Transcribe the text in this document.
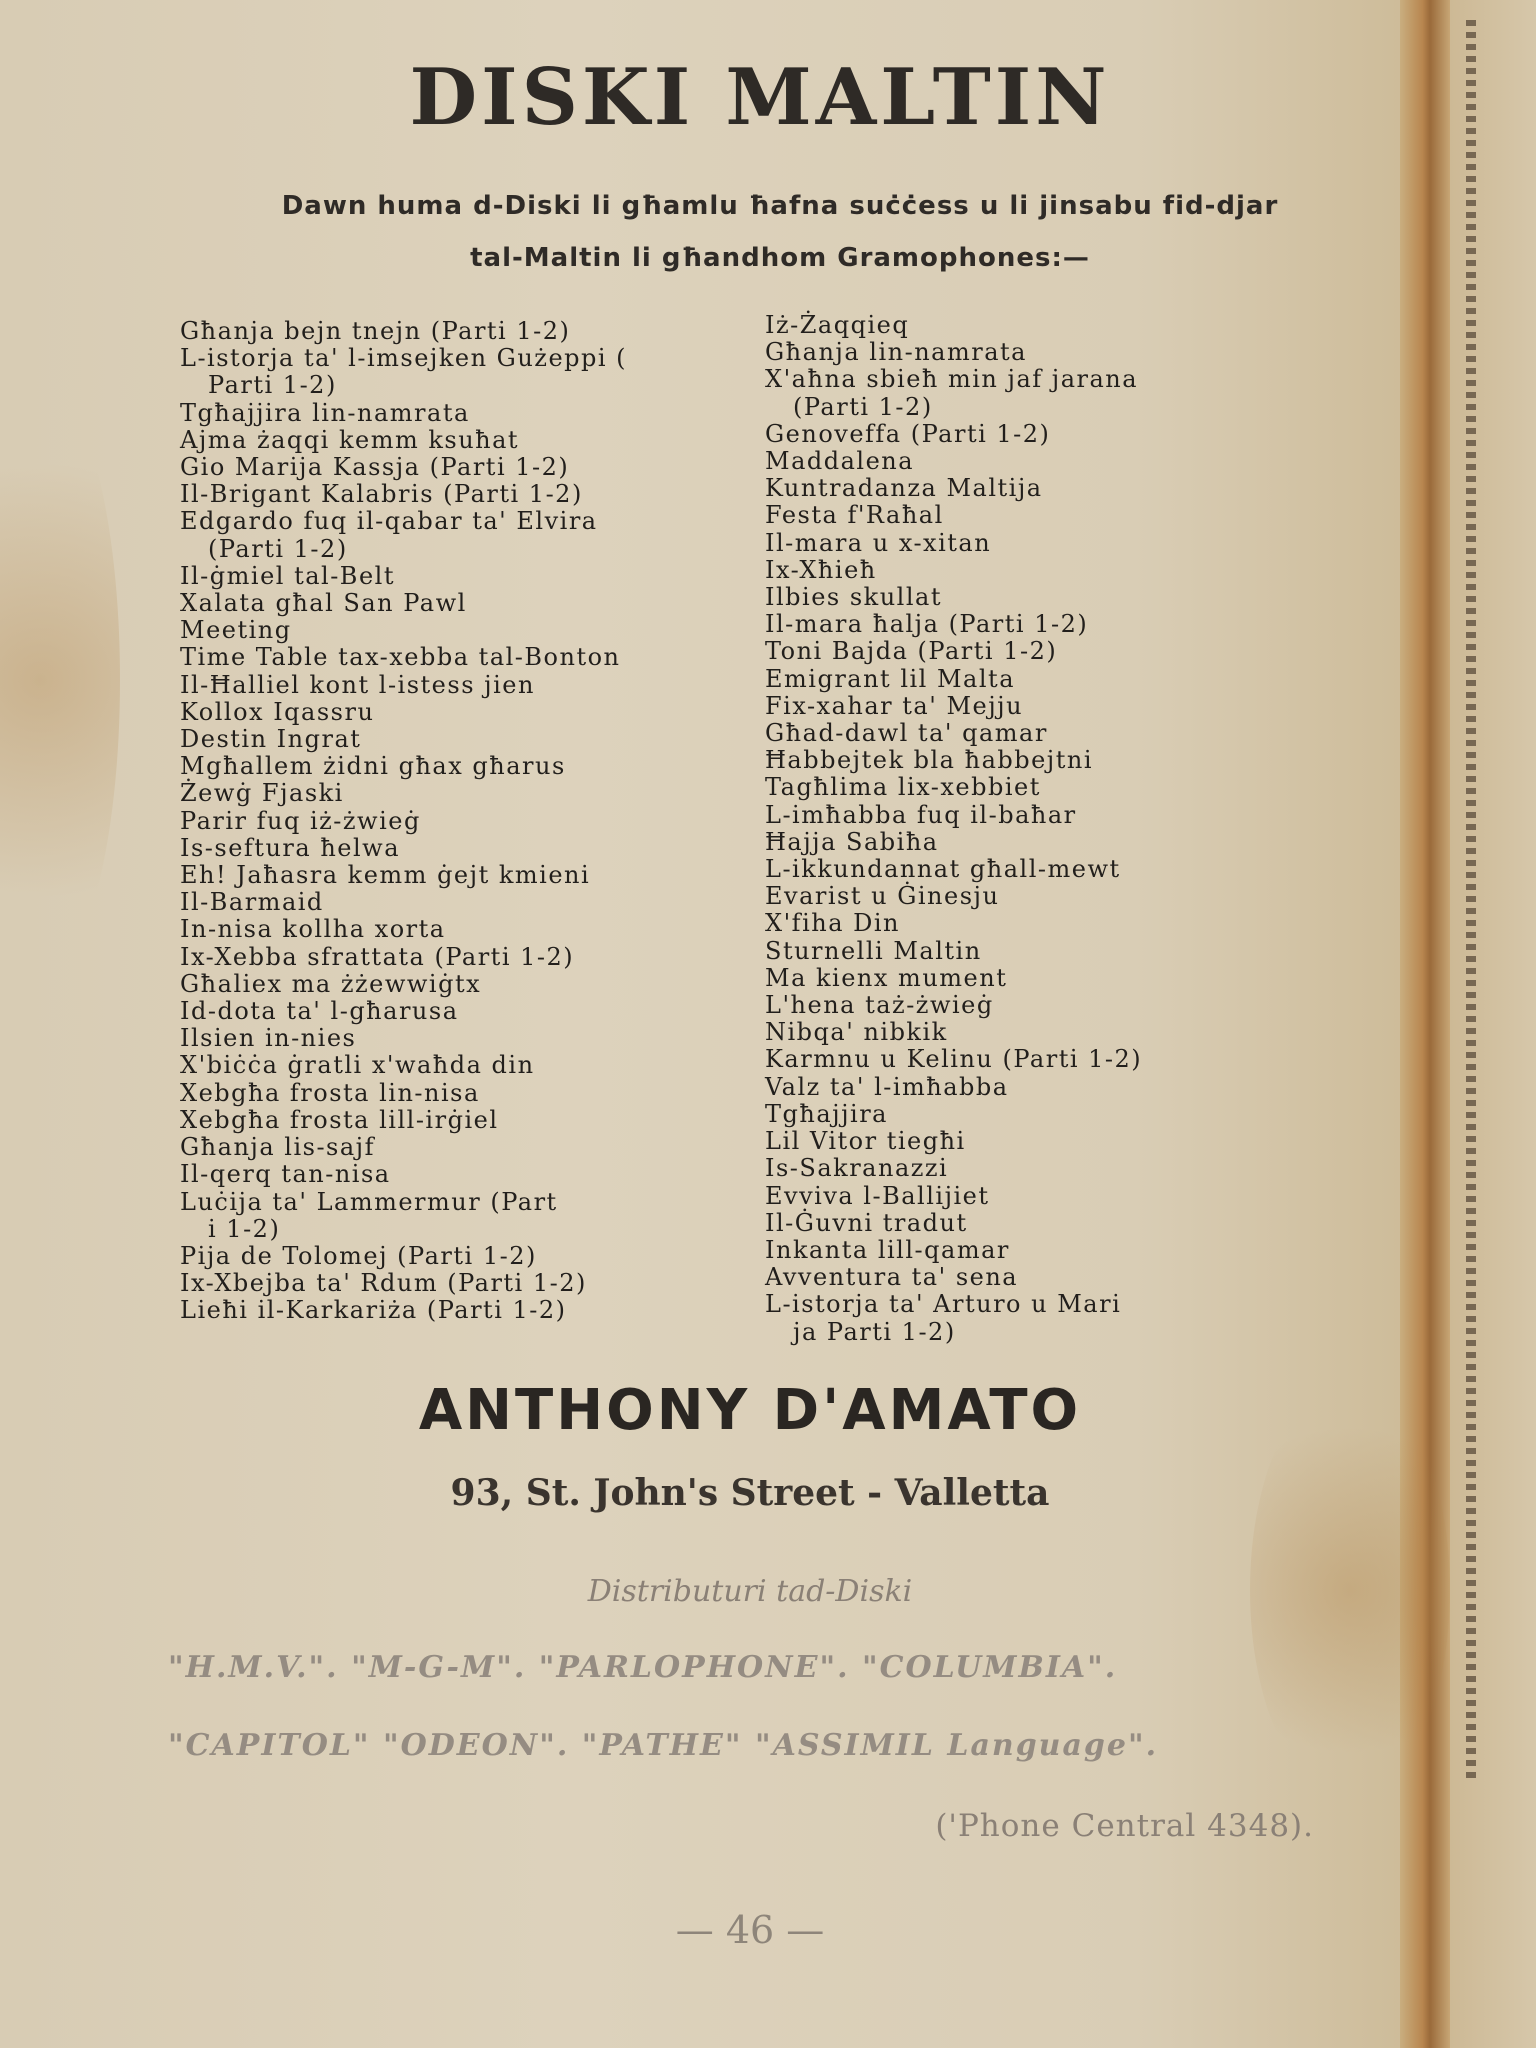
DISKI MALTIN

Dawn huma d-Diski li għamlu ħafna suċċess u li jinsabu fid-djar tal-Maltin li għandhom Gramophones:—

Għanja bejn tnejn (Parti 1-2)
L-istorja ta' l-imsejken Gużeppi (
Parti 1-2)
Tgħajjira lin-namrata
Ajma żaqqi kemm ksuħat
Gio Marija Kassja (Parti 1-2)
Il-Brigant Kalabris (Parti 1-2)
Edgardo fuq il-qabar ta' Elvira
(Parti 1-2)
Il-ġmiel tal-Belt
Xalata għal San Pawl
Meeting
Time Table tax-xebba tal-Bonton
Il-Ħalliel kont l-istess jien
Kollox Iqassru
Destin Ingrat
Mgħallem żidni għax għarus
Żewġ Fjaski
Parir fuq iż-żwieġ
Is-seftura ħelwa
Eh! Jaħasra kemm ġejt kmieni
Il-Barmaid
In-nisa kollha xorta
Ix-Xebba sfrattata (Parti 1-2)
Għaliex ma żżewwiġtx
Id-dota ta' l-għarusa
Ilsien in-nies
X'biċċa ġratli x'waħda din
Xebgħa frosta lin-nisa
Xebgħa frosta lill-irġiel
Għanja lis-sajf
Il-qerq tan-nisa
Luċija ta' Lammermur (Part
i 1-2)
Pija de Tolomej (Parti 1-2)
Ix-Xbejba ta' Rdum (Parti 1-2)
Lieħi il-Karkariża (Parti 1-2)
Iż-Żaqqieq
Għanja lin-namrata
X'aħna sbieħ min jaf jarana
(Parti 1-2)
Genoveffa (Parti 1-2)
Maddalena
Kuntradanza Maltija
Festa f'Raħal
Il-mara u x-xitan
Ix-Xħieħ
Ilbies skullat
Il-mara ħalja (Parti 1-2)
Toni Bajda (Parti 1-2)
Emigrant lil Malta
Fix-xahar ta' Mejju
Għad-dawl ta' qamar
Ħabbejtek bla ħabbejtni
Tagħlima lix-xebbiet
L-imħabba fuq il-baħar
Ħajja Sabiħa
L-ikkundannat għall-mewt
Evarist u Ġinesju
X'fiha Din
Sturnelli Maltin
Ma kienx mument
L'hena taż-żwieġ
Nibqa' nibkik
Karmnu u Kelinu (Parti 1-2)
Valz ta' l-imħabba
Tgħajjira
Lil Vitor tiegħi
Is-Sakranazzi
Evviva l-Ballijiet
Il-Ġuvni tradut
Inkanta lill-qamar
Avventura ta' sena
L-istorja ta' Arturo u Mari
ja Parti 1-2)
ANTHONY D'AMATO

93, St. John's Street - Valletta

Distributuri tad-Diski

"H.M.V.". "M-G-M". "PARLOPHONE". "COLUMBIA".

"CAPITOL" "ODEON". "PATHE" "ASSIMIL Language".

('Phone Central 4348).

— 46 —
